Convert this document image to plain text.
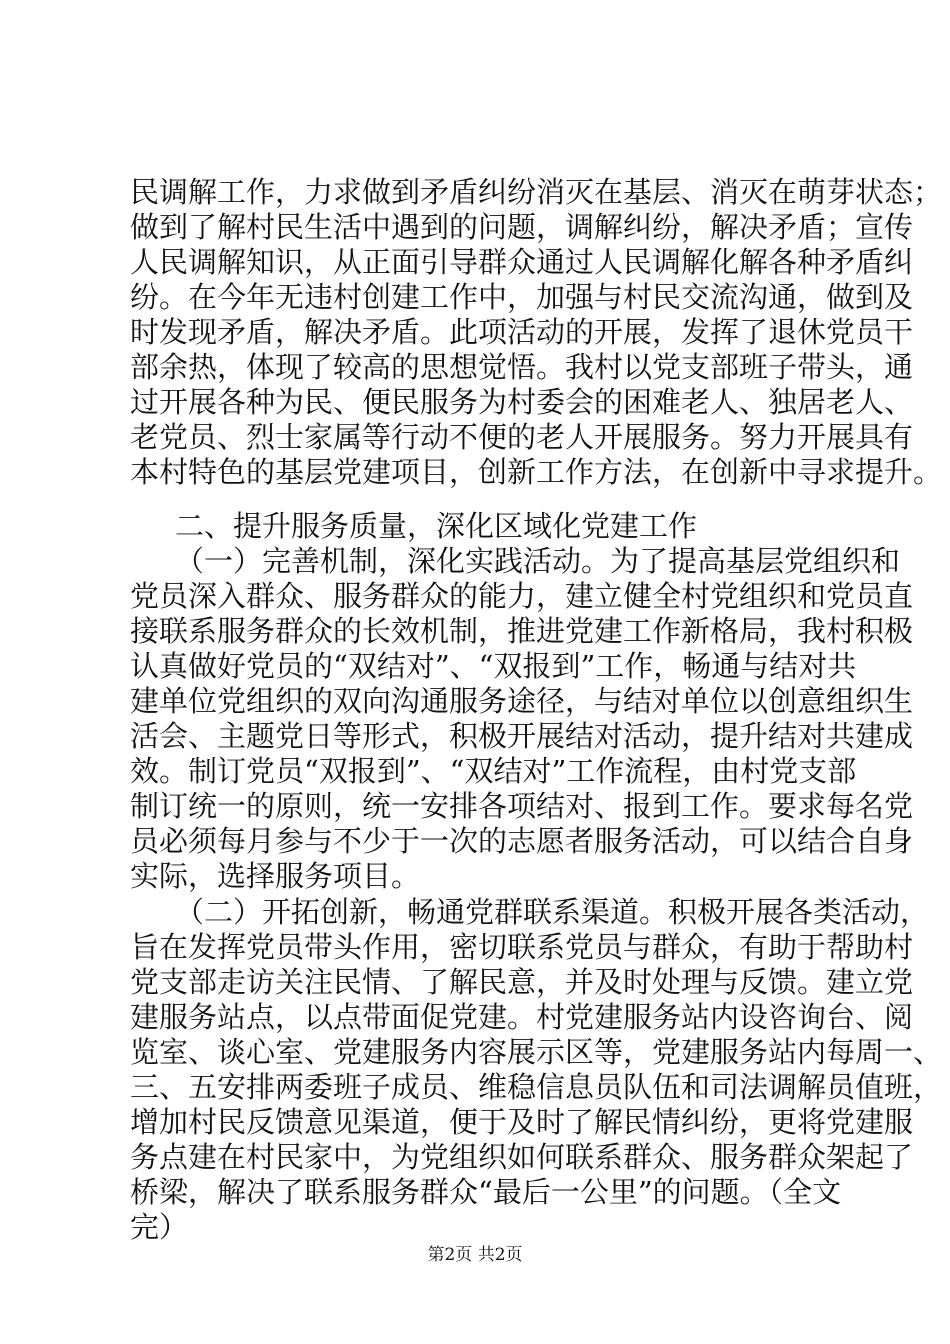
民调解工作，力求做到矛盾纠纷消灭在基层、消灭在萌芽状态；
做到了解村民生活中遇到的问题，调解纠纷，解决矛盾；宣传
人民调解知识，从正面引导群众通过人民调解化解各种矛盾纠
纷。在今年无违村创建工作中，加强与村民交流沟通，做到及
时发现矛盾，解决矛盾。此项活动的开展，发挥了退休党员干
部余热，体现了较高的思想觉悟。我村以党支部班子带头，通
过开展各种为民、便民服务为村委会的困难老人、独居老人、
老党员、烈士家属等行动不便的老人开展服务。努力开展具有
本村特色的基层党建项目，创新工作方法，在创新中寻求提升。
二、提升服务质量，深化区域化党建工作
（一）完善机制，深化实践活动。为了提高基层党组织和
党员深入群众、服务群众的能力，建立健全村党组织和党员直
接联系服务群众的长效机制，推进党建工作新格局，我村积极
认真做好党员的“双结对”、“双报到”工作，畅通与结对共
建单位党组织的双向沟通服务途径，与结对单位以创意组织生
活会、主题党日等形式，积极开展结对活动，提升结对共建成
效。制订党员“双报到”、“双结对”工作流程，由村党支部
制订统一的原则，统一安排各项结对、报到工作。要求每名党
员必须每月参与不少于一次的志愿者服务活动，可以结合自身
实际，选择服务项目。
（二）开拓创新，畅通党群联系渠道。积极开展各类活动，
旨在发挥党员带头作用，密切联系党员与群众，有助于帮助村
党支部走访关注民情、了解民意，并及时处理与反馈。建立党
建服务站点，以点带面促党建。村党建服务站内设咨询台、阅
览室、谈心室、党建服务内容展示区等，党建服务站内每周一、
三、五安排两委班子成员、维稳信息员队伍和司法调解员值班，
增加村民反馈意见渠道，便于及时了解民情纠纷，更将党建服
务点建在村民家中，为党组织如何联系群众、服务群众架起了
桥梁，解决了联系服务群众“最后一公里”的问题。（全文
完）
第2页 共2页
